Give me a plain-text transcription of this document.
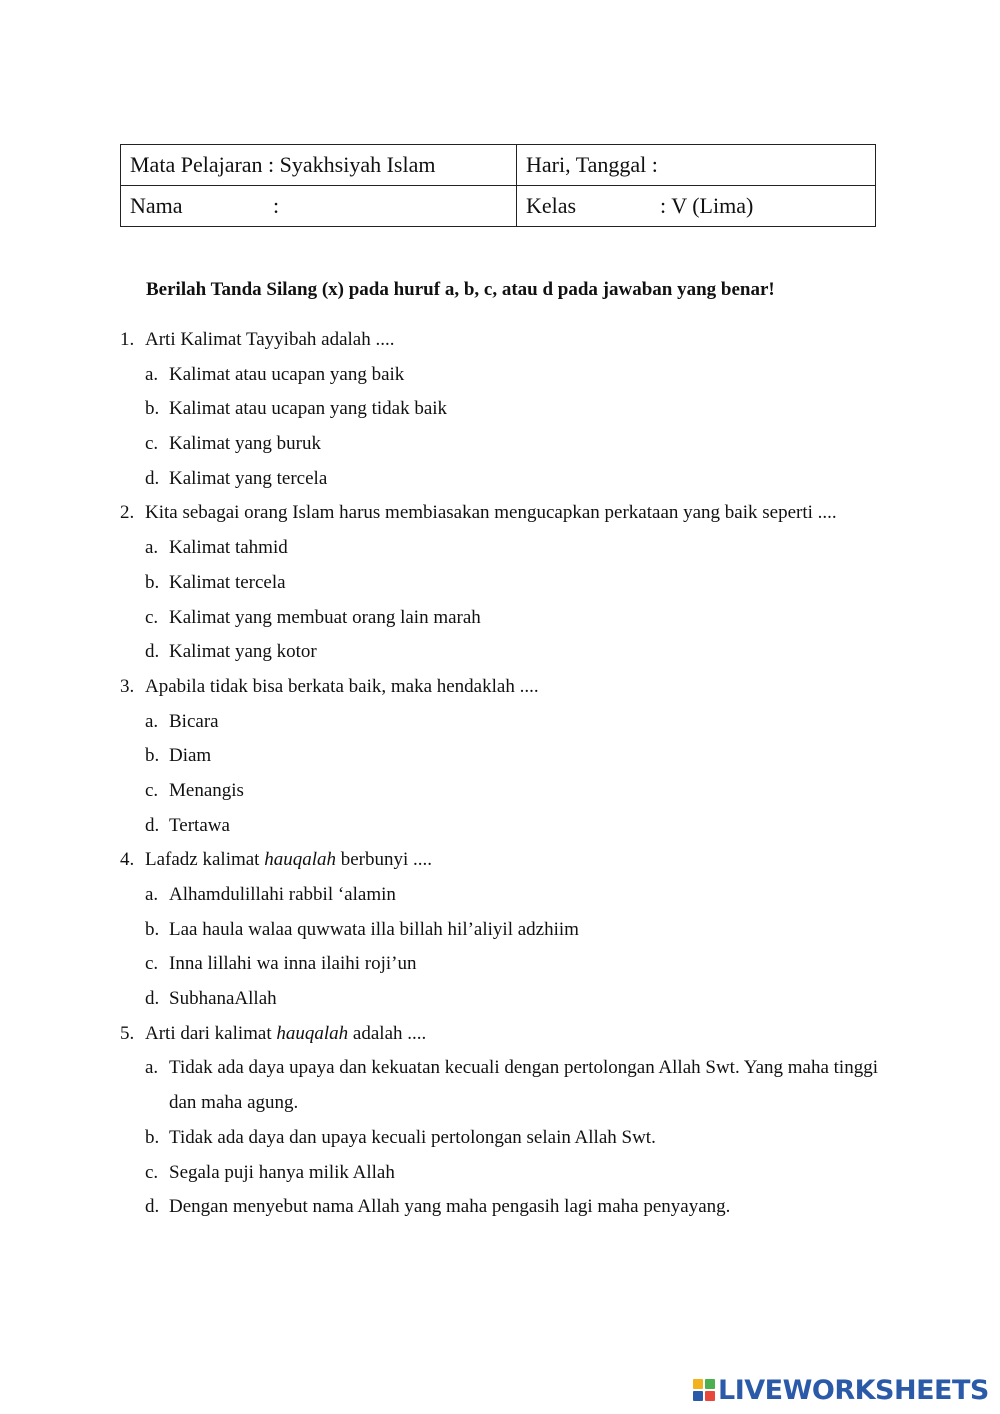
Mata Pelajaran : Syakhsiyah Islam	Hari, Tanggal :
Nama :	Kelas : V (Lima)
Berilah Tanda Silang (x) pada huruf a, b, c, atau d pada jawaban yang benar!
1. Arti Kalimat Tayyibah adalah ....
a. Kalimat atau ucapan yang baik
b. Kalimat atau ucapan yang tidak baik
c. Kalimat yang buruk
d. Kalimat yang tercela
2. Kita sebagai orang Islam harus membiasakan mengucapkan perkataan yang baik seperti ....
a. Kalimat tahmid
b. Kalimat tercela
c. Kalimat yang membuat orang lain marah
d. Kalimat yang kotor
3. Apabila tidak bisa berkata baik, maka hendaklah ....
a. Bicara
b. Diam
c. Menangis
d. Tertawa
4. Lafadz kalimat hauqalah berbunyi ....
a. Alhamdulillahi rabbil ‘alamin
b. Laa haula walaa quwwata illa billah hil’aliyil adzhiim
c. Inna lillahi wa inna ilaihi roji’un
d. SubhanaAllah
5. Arti dari kalimat hauqalah adalah ....
a. Tidak ada daya upaya dan kekuatan kecuali dengan pertolongan Allah Swt. Yang maha tinggi dan maha agung.
b. Tidak ada daya dan upaya kecuali pertolongan selain Allah Swt.
c. Segala puji hanya milik Allah
d. Dengan menyebut nama Allah yang maha pengasih lagi maha penyayang.
LIVEWORKSHEETS
